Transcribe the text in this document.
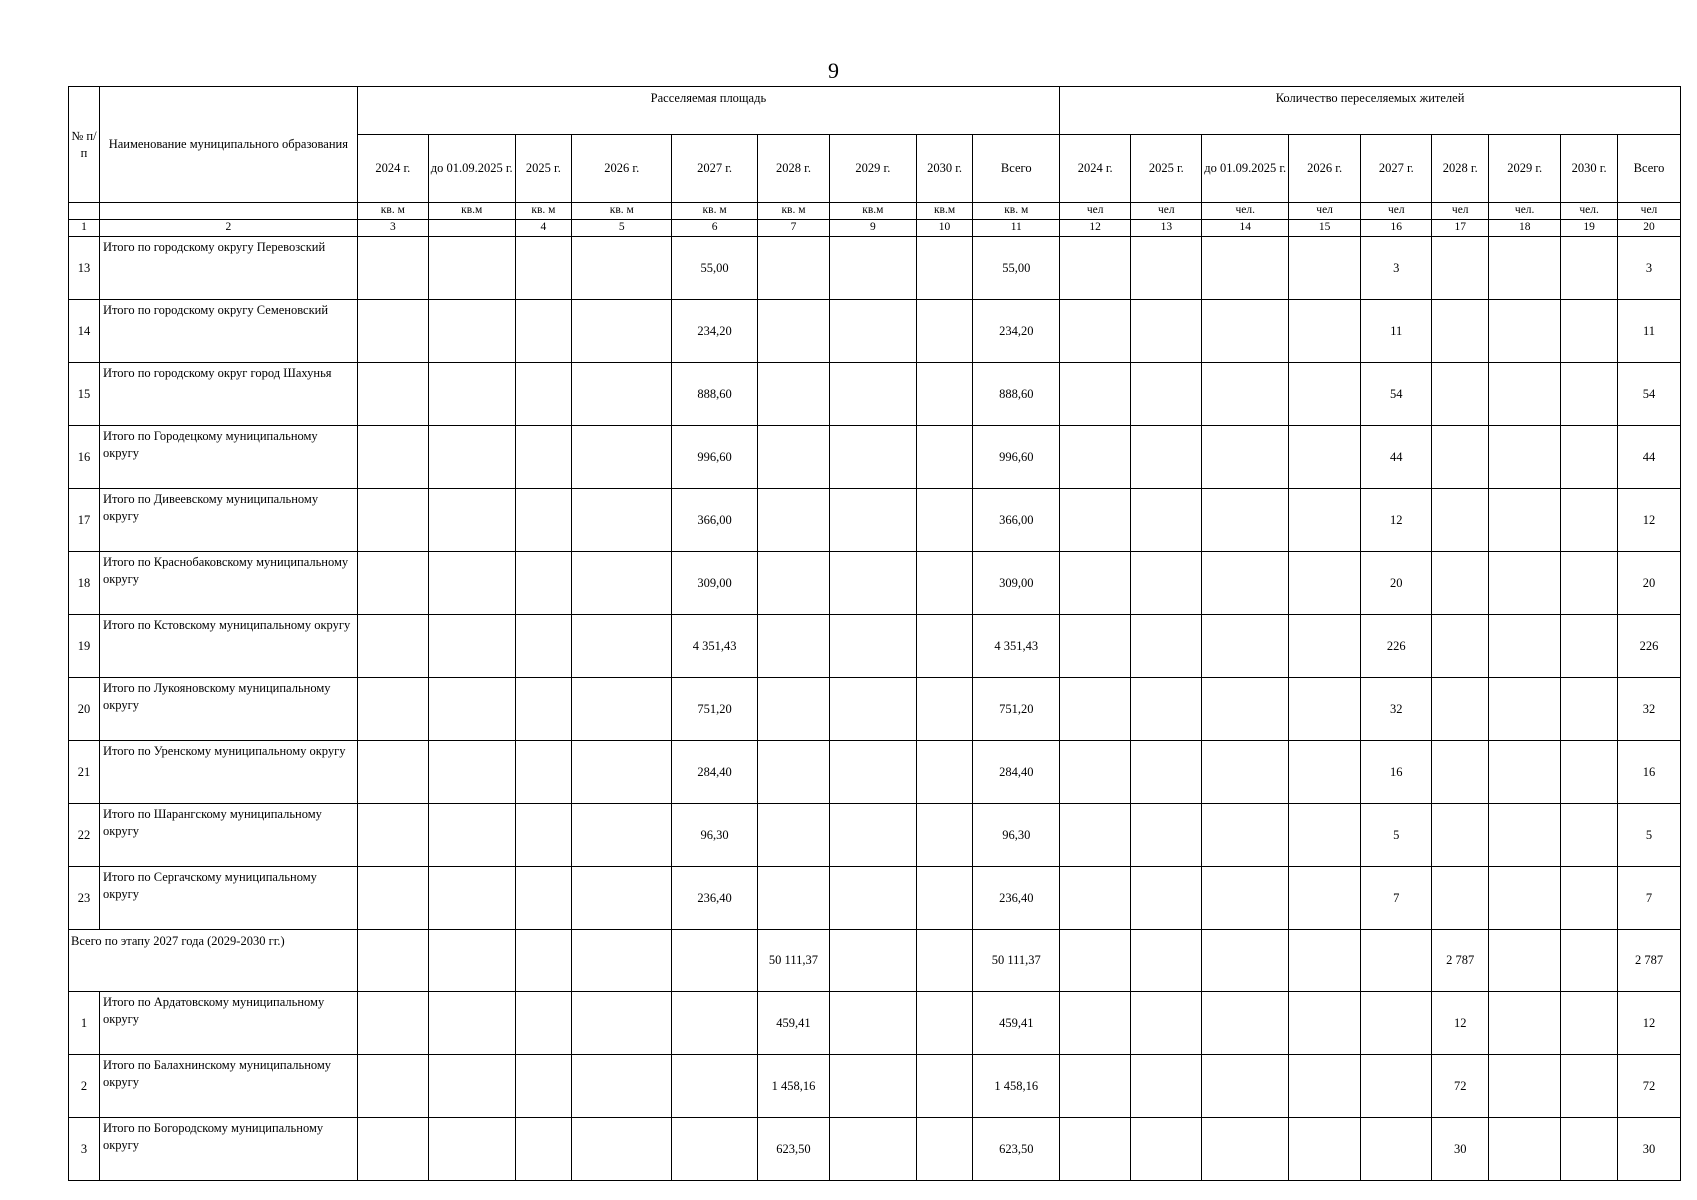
9
№ п/п	Наименование муниципального образования	Расселяемая площадь									Количество переселяемых жителей								
		2024 г.	до 01.09.2025 г.	2025 г.	2026 г.	2027 г.	2028 г.	2029 г.	2030 г.	Всего	2024 г.	2025 г.	до 01.09.2025 г.	2026 г.	2027 г.	2028 г.	2029 г.	2030 г.	Всего
		кв. м	кв.м	кв. м	кв. м	кв. м	кв. м	кв.м	кв.м	кв. м	чел	чел	чел.	чел	чел	чел	чел.	чел.	чел
1	2	3		4	5	6	7	9	10	11	12	13	14	15	16	17	18	19	20
13	Итого по городскому округу Перевозский					55,00				55,00					3				3
14	Итого по городскому округу Семеновский					234,20				234,20					11				11
15	Итого по городскому округ город Шахунья					888,60				888,60					54				54
16	Итого по Городецкому муниципальному округу					996,60				996,60					44				44
17	Итого по Дивеевскому муниципальному округу					366,00				366,00					12				12
18	Итого по Краснобаковскому муниципальному округу					309,00				309,00					20				20
19	Итого по Кстовскому муниципальному округу					4 351,43				4 351,43					226				226
20	Итого по Лукояновскому муниципальному округу					751,20				751,20					32				32
21	Итого по Уренскому муниципальному округу					284,40				284,40					16				16
22	Итого по Шарангскому муниципальному округу					96,30				96,30					5				5
23	Итого по Сергачскому муниципальному округу					236,40				236,40					7				7
Всего по этапу 2027 года (2029-2030 гг.)							50 111,37			50 111,37						2 787			2 787
1	Итого по Ардатовскому муниципальному округу						459,41			459,41						12			12
2	Итого по Балахнинскому муниципальному округу						1 458,16			1 458,16						72			72
3	Итого по Богородскому муниципальному округу						623,50			623,50						30			30
